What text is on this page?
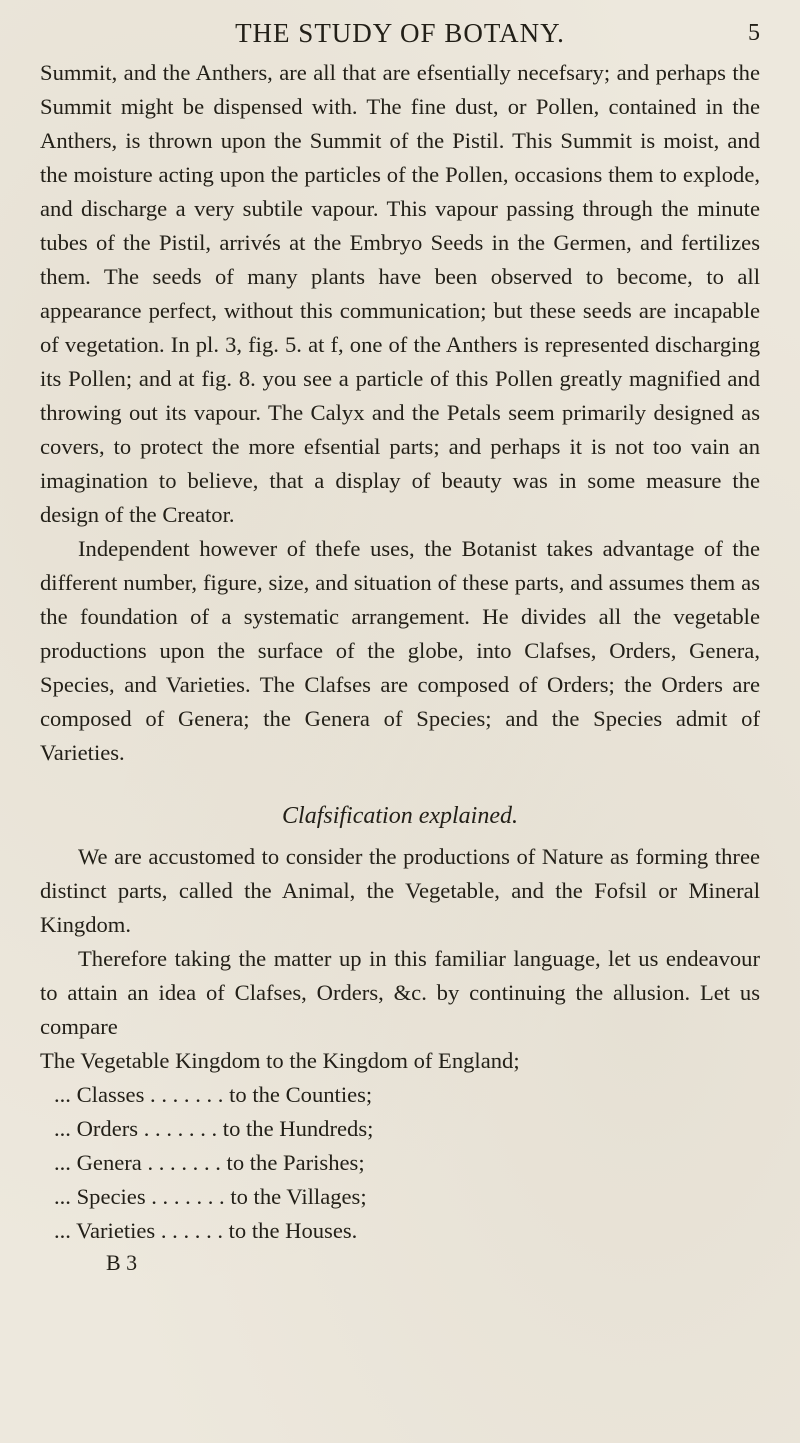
THE STUDY OF BOTANY.	5

Summit, and the Anthers, are all that are efsentially necefsary; and perhaps the Summit might be dispensed with. The fine dust, or Pollen, contained in the Anthers, is thrown upon the Summit of the Pistil. This Summit is moist, and the moisture acting upon the particles of the Pollen, occasions them to explode, and discharge a very subtile vapour. This vapour passing through the minute tubes of the Pistil, arrivés at the Embryo Seeds in the Germen, and fertilizes them. The seeds of many plants have been observed to become, to all appearance perfect, without this communication; but these seeds are incapable of vegetation. In pl. 3, fig. 5. at f, one of the Anthers is represented discharging its Pollen; and at fig. 8. you see a particle of this Pollen greatly magnified and throwing out its vapour. The Calyx and the Petals seem primarily designed as covers, to protect the more efsential parts; and perhaps it is not too vain an imagination to believe, that a display of beauty was in some measure the design of the Creator.

Independent however of thefe uses, the Botanist takes advantage of the different number, figure, size, and situation of these parts, and assumes them as the foundation of a systematic arrangement. He divides all the vegetable productions upon the surface of the globe, into Clafses, Orders, Genera, Species, and Varieties. The Clafses are composed of Orders; the Orders are composed of Genera; the Genera of Species; and the Species admit of Varieties.

Clafsification explained.

We are accustomed to consider the productions of Nature as forming three distinct parts, called the Animal, the Vegetable, and the Fofsil or Mineral Kingdom.

Therefore taking the matter up in this familiar language, let us endeavour to attain an idea of Clafses, Orders, &c. by continuing the allusion. Let us compare

The Vegetable Kingdom to the Kingdom of England;

... Classes . . . . . . . to the Counties;
... Orders . . . . . . . to the Hundreds;
... Genera . . . . . . . to the Parishes;
... Species . . . . . . . to the Villages;
... Varieties . . . . . . to the Houses.
B 3
